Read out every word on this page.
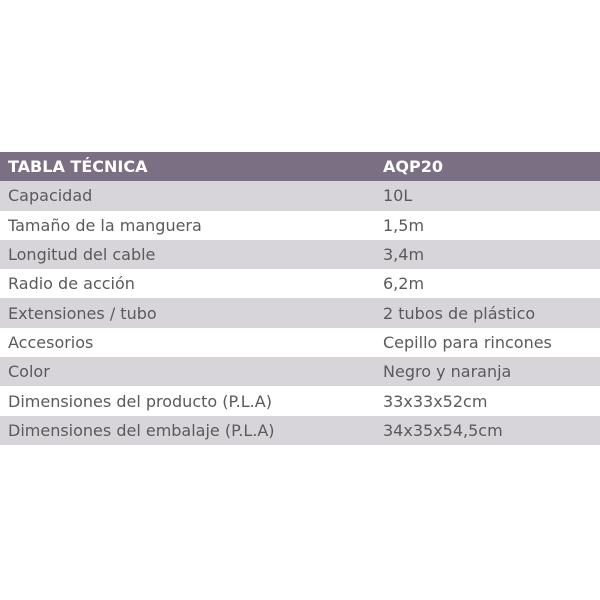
TABLA TÉCNICA	AQP20
Capacidad	10L
Tamaño de la manguera	1,5m
Longitud del cable	3,4m
Radio de acción	6,2m
Extensiones / tubo	2 tubos de plástico
Accesorios	Cepillo para rincones
Color	Negro y naranja
Dimensiones del producto (P.L.A)	33x33x52cm
Dimensiones del embalaje (P.L.A)	34x35x54,5cm
